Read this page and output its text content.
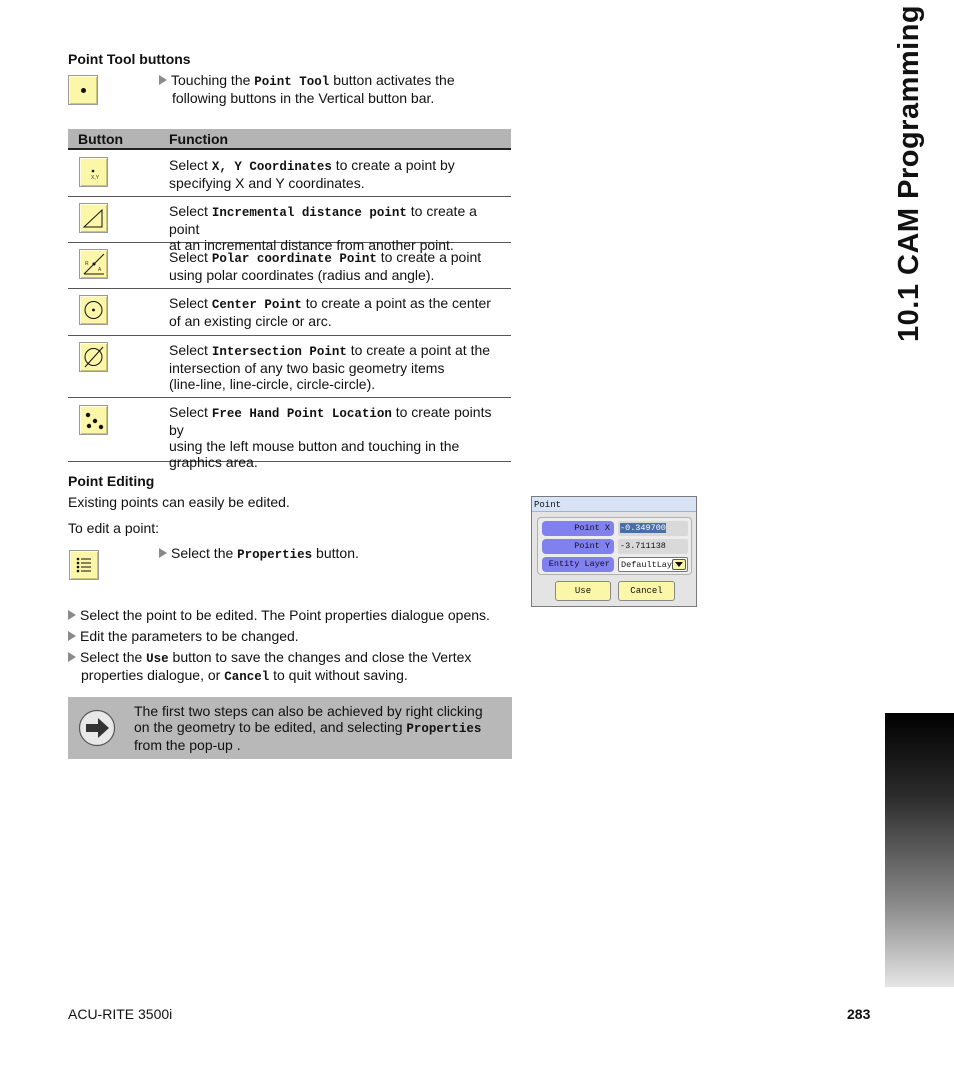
10.1 CAM Programming
Point Tool buttons
Touching the Point Tool button activates the
following buttons in the Vertical button bar.
Button	Function
X,Y
Select X, Y Coordinates to create a point by
specifying X and Y coordinates.
Select Incremental distance point to create a point
at an incremental distance from another point.
R
A
Select Polar coordinate Point to create a point
using polar coordinates (radius and angle).
Select Center Point to create a point as the center
of an existing circle or arc.
Select Intersection Point to create a point at the
intersection of any two basic geometry items
(line-line, line-circle, circle-circle).
Select Free Hand Point Location to create points by
using the left mouse button and touching in the
graphics area.
Point Editing
Existing points can easily be edited.
To edit a point:
Select the Properties button.
Select the point to be edited. The Point properties dialogue opens.
Edit the parameters to be changed.
Select the Use button to save the changes and close the Vertex
properties dialogue, or Cancel to quit without saving.
The first two steps can also be achieved by right clicking
on the geometry to be edited, and selecting Properties
from the pop-up .
Point
Point X	-0.349700
Point Y	-3.711138
Entity Layer	DefaultLay
Use	Cancel
ACU-RITE 3500i	283
